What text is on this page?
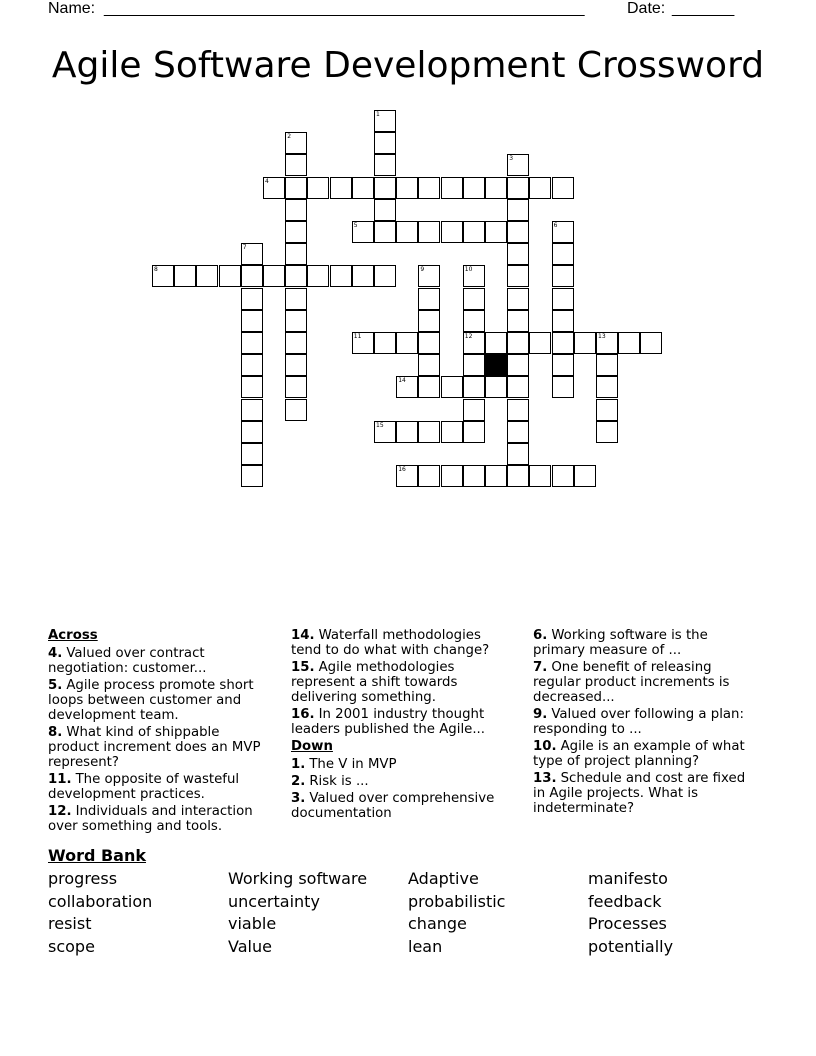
Name: ______________________________________________________	Date: _______
Agile Software Development Crossword
1
2
3
4
5	6
7
8	9	10
12
11	13
14
15
16
Across
4. Valued over contract negotiation: customer...
5. Agile process promote short loops between customer and development team.
8. What kind of shippable product increment does an MVP represent?
11. The opposite of wasteful development practices.
12. Individuals and interaction over something and tools.
14. Waterfall methodologies tend to do what with change?
15. Agile methodologies represent a shift towards delivering something.
16. In 2001 industry thought leaders published the Agile...
Down
1. The V in MVP
2. Risk is ...
3. Valued over comprehensive documentation
6. Working software is the primary measure of ...
7. One benefit of releasing regular product increments is decreased...
9. Valued over following a plan: responding to ...
10. Agile is an example of what type of project planning?
13. Schedule and cost are fixed in Agile projects. What is indeterminate?
Word Bank
progress	Working software	Adaptive	manifesto
collaboration	uncertainty	probabilistic	feedback
resist	viable	change	Processes
scope	Value	lean	potentially
